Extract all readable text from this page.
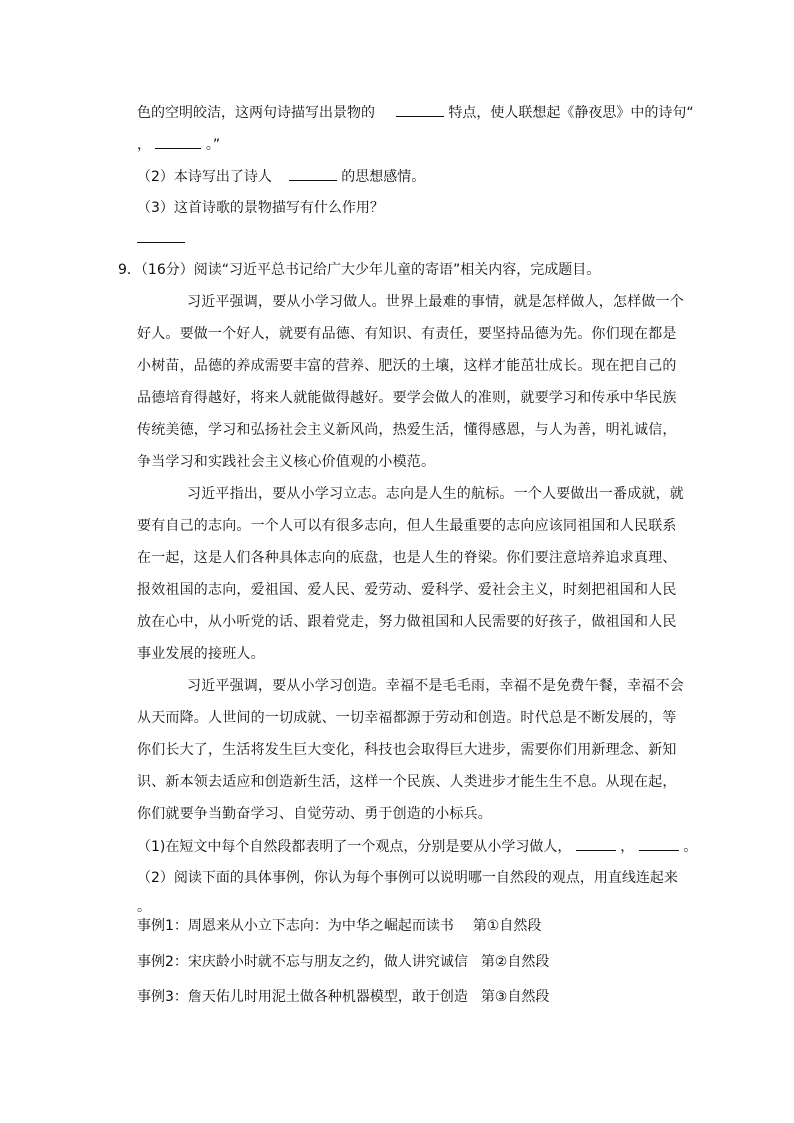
色的空明皎洁，这两句诗描写出景物的	特点，使人联想起《静夜思》中的诗句“
，	。”
（2）本诗写出了诗人	的思想感情。
（3）这首诗歌的景物描写有什么作用？
9．（16分）阅读“习近平总书记给广大少年儿童的寄语”相关内容，完成题目。
习近平强调，要从小学习做人。世界上最难的事情，就是怎样做人，怎样做一个
好人。要做一个好人，就要有品德、有知识、有责任，要坚持品德为先。你们现在都是
小树苗，品德的养成需要丰富的营养、肥沃的土壤，这样才能茁壮成长。现在把自己的
品德培育得越好，将来人就能做得越好。要学会做人的准则，就要学习和传承中华民族
传统美德，学习和弘扬社会主义新风尚，热爱生活，懂得感恩，与人为善，明礼诚信，
争当学习和实践社会主义核心价值观的小模范。
习近平指出，要从小学习立志。志向是人生的航标。一个人要做出一番成就，就
要有自己的志向。一个人可以有很多志向，但人生最重要的志向应该同祖国和人民联系
在一起，这是人们各种具体志向的底盘，也是人生的脊梁。你们要注意培养追求真理、
报效祖国的志向，爱祖国、爱人民、爱劳动、爱科学、爱社会主义，时刻把祖国和人民
放在心中，从小听党的话、跟着党走，努力做祖国和人民需要的好孩子，做祖国和人民
事业发展的接班人。
习近平强调，要从小学习创造。幸福不是毛毛雨，幸福不是免费午餐，幸福不会
从天而降。人世间的一切成就、一切幸福都源于劳动和创造。时代总是不断发展的，等
你们长大了，生活将发生巨大变化，科技也会取得巨大进步，需要你们用新理念、新知
识、新本领去适应和创造新生活，这样一个民族、人类进步才能生生不息。从现在起，
你们就要争当勤奋学习、自觉劳动、勇于创造的小标兵。
（1)在短文中每个自然段都表明了一个观点，分别是要从小学习做人，	，	。
（2）阅读下面的具体事例，你认为每个事例可以说明哪一自然段的观点，用直线连起来
。
事例1：周恩来从小立下志向：为中华之崛起而读书 第①自然段
事例2：宋庆龄小时就不忘与朋友之约，做人讲究诚信 第②自然段
事例3：詹天佑儿时用泥土做各种机器模型，敢于创造 第③自然段
